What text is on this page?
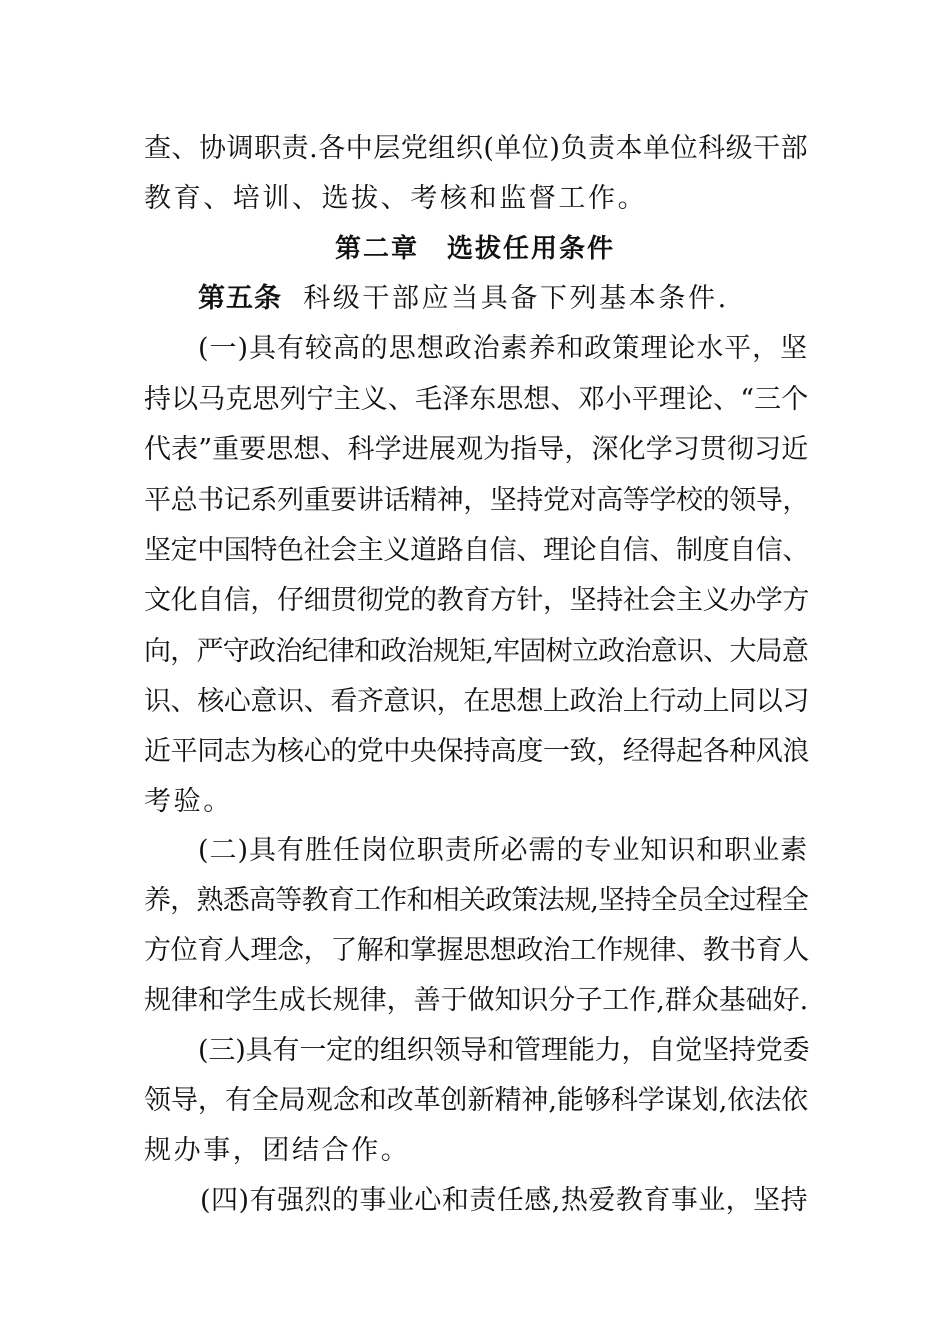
查、协调职责.各中层党组织(单位)负责本单位科级干部
教育、培训、选拔、考核和监督工作。
第二章　选拔任用条件
第五条 科级干部应当具备下列基本条件.
(一)具有较高的思想政治素养和政策理论水平，坚
持以马克思列宁主义、毛泽东思想、邓小平理论、“三个
代表”重要思想、科学进展观为指导，深化学习贯彻习近
平总书记系列重要讲话精神，坚持党对高等学校的领导，
坚定中国特色社会主义道路自信、理论自信、制度自信、
文化自信，仔细贯彻党的教育方针，坚持社会主义办学方
向，严守政治纪律和政治规矩,牢固树立政治意识、大局意
识、核心意识、看齐意识，在思想上政治上行动上同以习
近平同志为核心的党中央保持高度一致，经得起各种风浪
考验。
(二)具有胜任岗位职责所必需的专业知识和职业素
养，熟悉高等教育工作和相关政策法规,坚持全员全过程全
方位育人理念，了解和掌握思想政治工作规律、教书育人
规律和学生成长规律，善于做知识分子工作,群众基础好.
(三)具有一定的组织领导和管理能力，自觉坚持党委
领导，有全局观念和改革创新精神,能够科学谋划,依法依
规办事，团结合作。
(四)有强烈的事业心和责任感,热爱教育事业，坚持
